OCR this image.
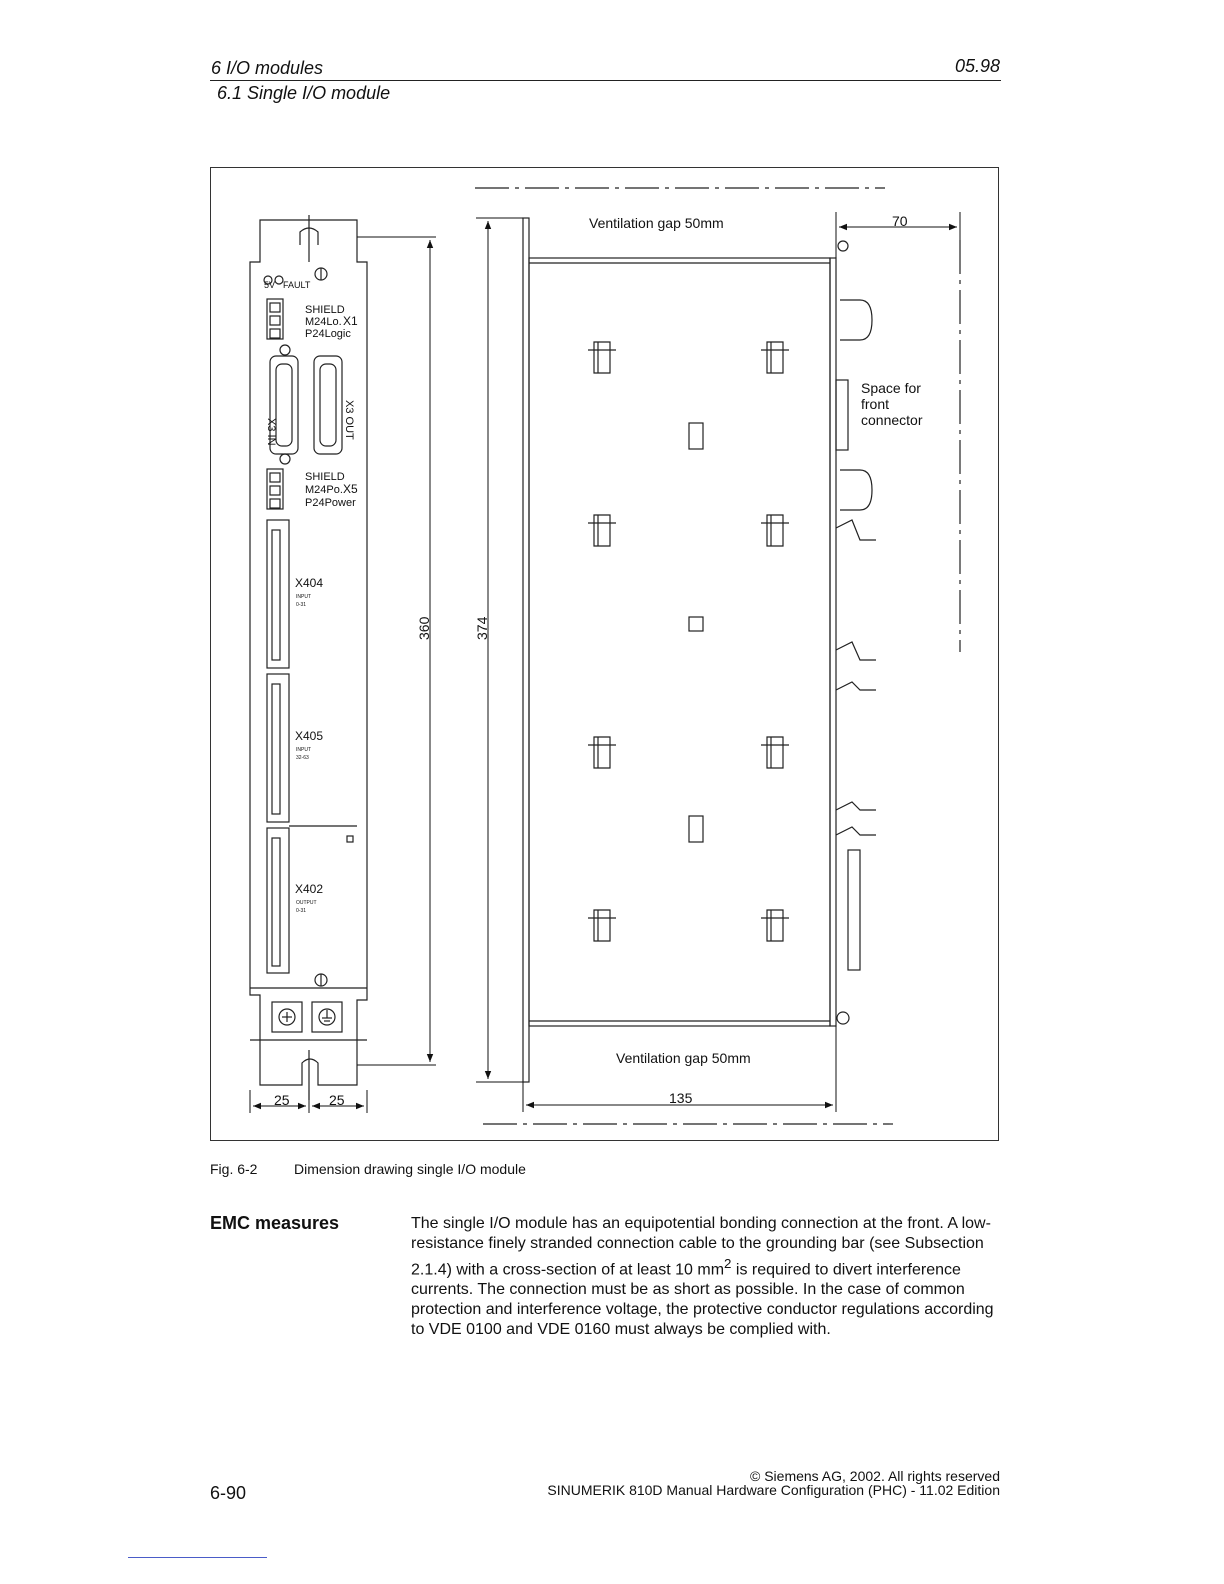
6 I/O modules
6.1 Single I/O module
05.98
5V FAULT
SHIELD
M24Lo.
P24Logic
X1
X3 IN	X3 OUT
SHIELD
M24Po.
P24Power
X5
X404
INPUT
0-31
X405
INPUT
32-63
X402
OUTPUT
0-31
Ventilation gap 50mm
Ventilation gap 50mm
70
360	374
135
25	25
Space for
front
connector
Fig. 6-2	Dimension drawing single I/O module
EMC measures	The single I/O module has an equipotential bonding connection at the front. A low-resistance finely stranded connection cable to the grounding bar (see Subsection 2.1.4) with a cross-section of at least 10 $mm^2$ is required to divert interference currents. The connection must be as short as possible. In the case of common protection and interference voltage, the protective conductor regulations according to VDE 0100 and VDE 0160 must always be complied with.
6-90
© Siemens AG, 2002. All rights reserved
SINUMERIK 810D Manual Hardware Configuration (PHC) - 11.02 Edition
